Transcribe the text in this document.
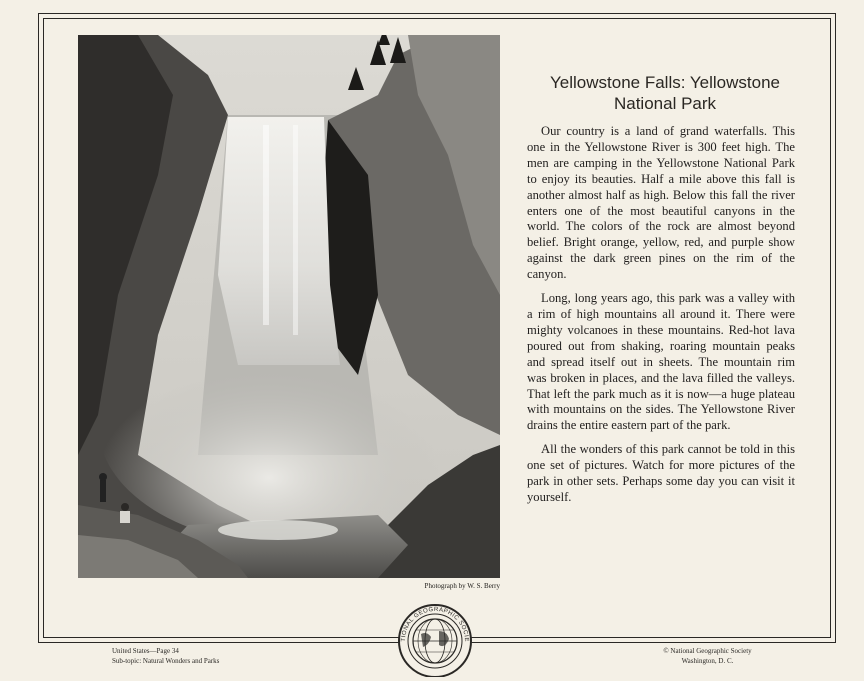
Photograph by W. S. Berry
Yellowstone Falls: Yellowstone National Park

Our country is a land of grand waterfalls. This one in the Yellowstone River is 300 feet high. The men are camping in the Yellowstone National Park to enjoy its beauties. Half a mile above this fall is another almost half as high. Below this fall the river enters one of the most beautiful canyons in the world. The colors of the rock are almost beyond belief. Bright orange, yellow, red, and purple show against the dark green pines on the rim of the canyon.

Long, long years ago, this park was a valley with a rim of high mountains all around it. There were mighty volcanoes in these mountains. Red-hot lava poured out from shaking, roaring mountain peaks and spread itself out in sheets. The mountain rim was broken in places, and the lava filled the valleys. That left the park much as it is now—a huge plateau with mountains on the sides. The Yellowstone River drains the entire eastern part of the park.

All the wonders of this park cannot be told in this one set of pictures. Watch for more pictures of the park in other sets. Perhaps some day you can visit it yourself.

TIONAL GEOGRAPHIC SOCIE
United States—Page 34
Sub-topic: Natural Wonders and Parks
© National Geographic Society
Washington, D. C.
